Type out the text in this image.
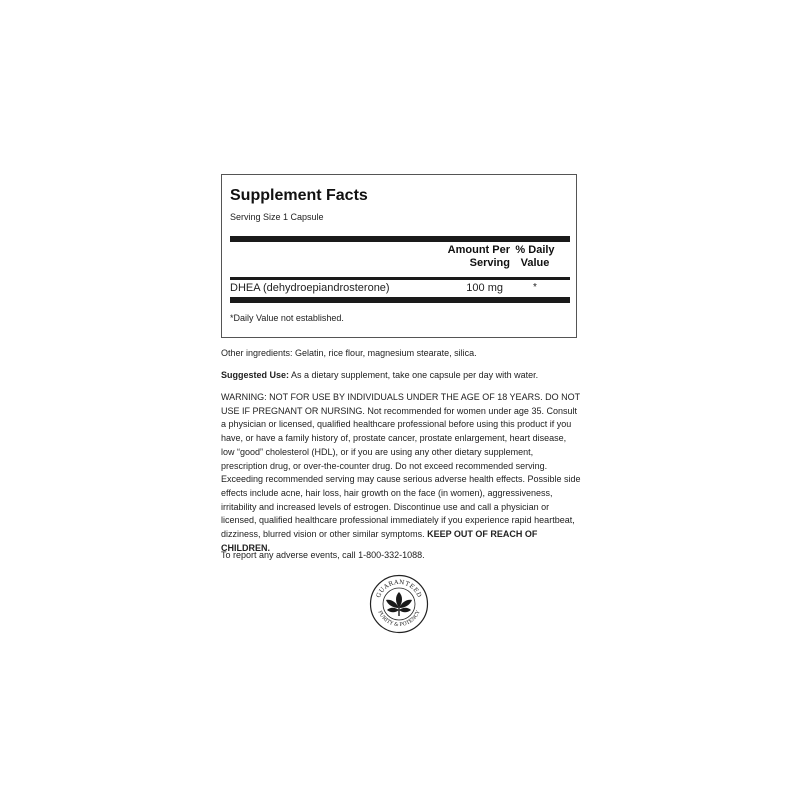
Supplement Facts
Serving Size 1 Capsule
Amount Per
Serving
% Daily
Value
DHEA (dehydroepiandrosterone)	100 mg	*
*Daily Value not established.
Other ingredients: Gelatin, rice flour, magnesium stearate, silica.
Suggested Use: As a dietary supplement, take one capsule per day with water.
WARNING: NOT FOR USE BY INDIVIDUALS UNDER THE AGE OF 18 YEARS. DO NOT USE IF PREGNANT OR NURSING. Not recommended for women under age 35. Consult a physician or licensed, qualified healthcare professional before using this product if you have, or have a family history of, prostate cancer, prostate enlargement, heart disease, low “good” cholesterol (HDL), or if you are using any other dietary supplement, prescription drug, or over-the-counter drug. Do not exceed recommended serving. Exceeding recommended serving may cause serious adverse health effects. Possible side effects include acne, hair loss, hair growth on the face (in women), aggressiveness, irritability and increased levels of estrogen. Discontinue use and call a physician or licensed, qualified healthcare professional immediately if you experience rapid heartbeat, dizziness, blurred vision or other similar symptoms. KEEP OUT OF REACH OF CHILDREN.
To report any adverse events, call 1-800-332-1088.
GUARANTEED
PURITY & POTENCY
